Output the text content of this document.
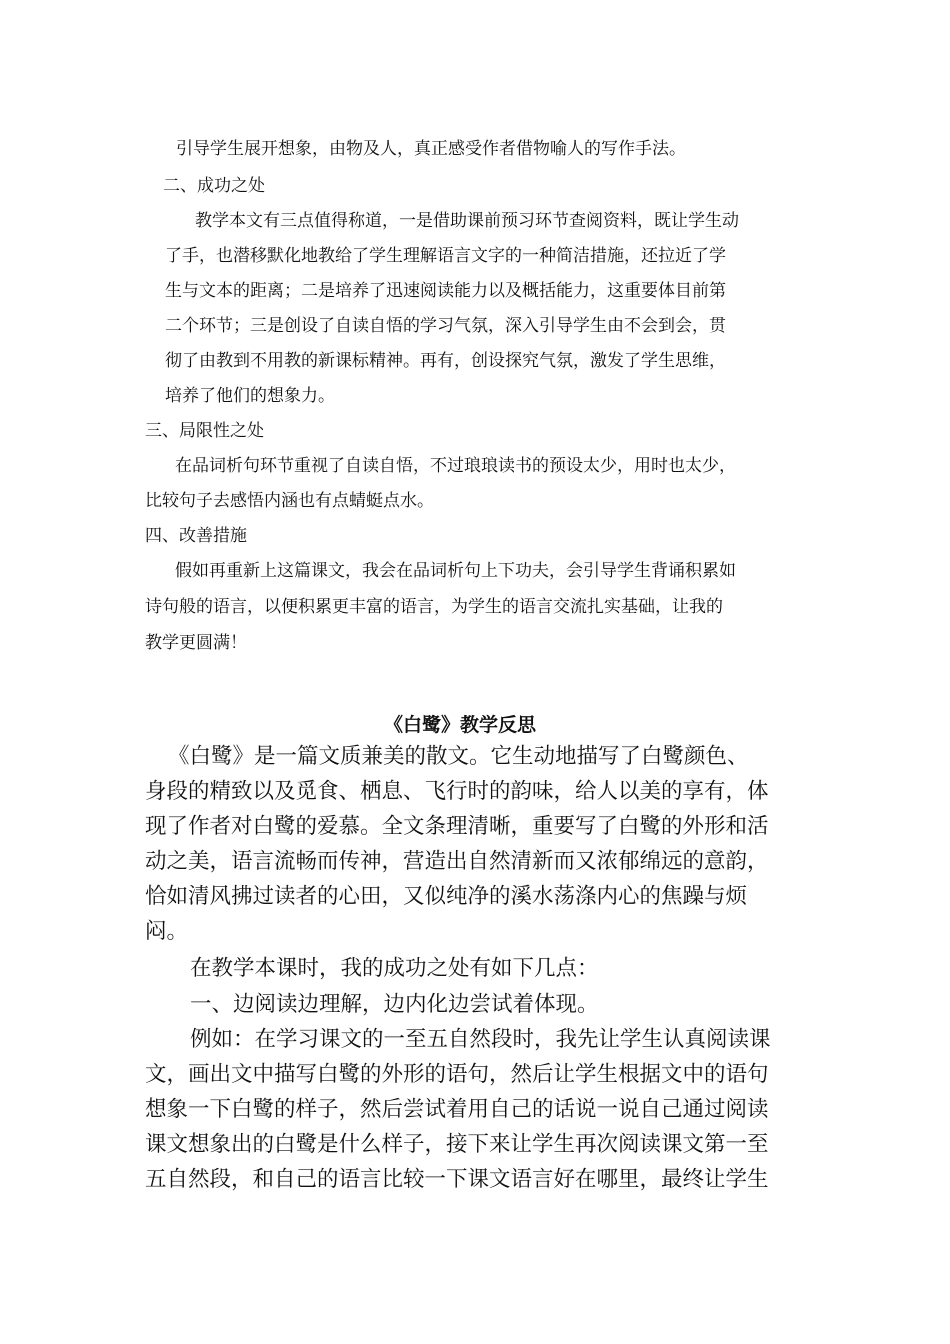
引导学生展开想象，由物及人，真正感受作者借物喻人的写作手法。

二、成功之处

教学本文有三点值得称道，一是借助课前预习环节查阅资料，既让学生动

了手，也潜移默化地教给了学生理解语言文字的一种简洁措施，还拉近了学

生与文本的距离；二是培养了迅速阅读能力以及概括能力，这重要体目前第

二个环节；三是创设了自读自悟的学习气氛，深入引导学生由不会到会，贯

彻了由教到不用教的新课标精神。再有，创设探究气氛，激发了学生思维，

培养了他们的想象力。

三、局限性之处

在品词析句环节重视了自读自悟，不过琅琅读书的预设太少，用时也太少，

比较句子去感悟内涵也有点蜻蜓点水。

四、改善措施

假如再重新上这篇课文，我会在品词析句上下功夫，会引导学生背诵积累如

诗句般的语言，以便积累更丰富的语言，为学生的语言交流扎实基础，让我的

教学更圆满！

《白鹭》教学反思

《白鹭》是一篇文质兼美的散文。它生动地描写了白鹭颜色、

身段的精致以及觅食、栖息、飞行时的韵味，给人以美的享有，体

现了作者对白鹭的爱慕。全文条理清晰，重要写了白鹭的外形和活

动之美，语言流畅而传神，营造出自然清新而又浓郁绵远的意韵，

恰如清风拂过读者的心田，又似纯净的溪水荡涤内心的焦躁与烦

闷。

在教学本课时，我的成功之处有如下几点：

一、边阅读边理解，边内化边尝试着体现。

例如：在学习课文的一至五自然段时，我先让学生认真阅读课

文，画出文中描写白鹭的外形的语句，然后让学生根据文中的语句

想象一下白鹭的样子，然后尝试着用自己的话说一说自己通过阅读

课文想象出的白鹭是什么样子，接下来让学生再次阅读课文第一至

五自然段，和自己的语言比较一下课文语言好在哪里，最终让学生
